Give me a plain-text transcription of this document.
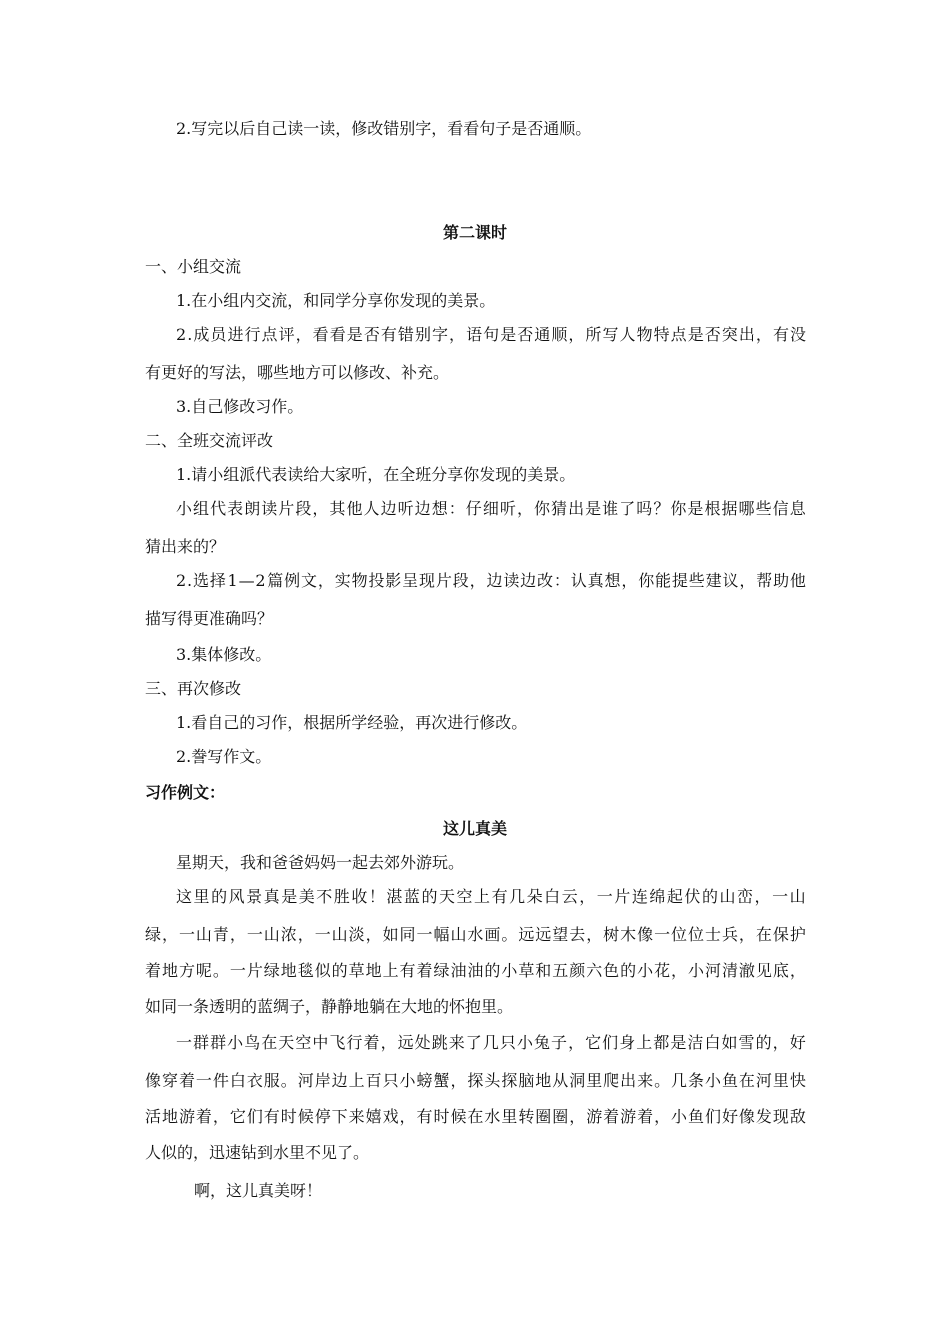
2.写完以后自己读一读，修改错别字，看看句子是否通顺。
第二课时
一、小组交流
1.在小组内交流，和同学分享你发现的美景。
2 . 成 员 进 行 点 评 ， 看 看 是 否 有 错 别 字 ， 语 句 是 否 通 顺 ， 所 写 人 物 特 点 是 否 突 出 ， 有 没
有更好的写法，哪些地方可以修改、补充。
3.自己修改习作。
二、全班交流评改
1.请小组派代表读给大家听，在全班分享你发现的美景。
小 组 代 表 朗 读 片 段 ， 其 他 人 边 听 边 想 ： 仔 细 听 ， 你 猜 出 是 谁 了 吗 ？ 你 是 根 据 哪 些 信 息
猜出来的？
2 . 选 择 1 — 2 篇 例 文 ， 实 物 投 影 呈 现 片 段 ， 边 读 边 改 ： 认 真 想 ， 你 能 提 些 建 议 ， 帮 助 他
描写得更准确吗？
3.集体修改。
三、再次修改
1.看自己的习作，根据所学经验，再次进行修改。
2.誊写作文。
习作例文：
这儿真美
星期天，我和爸爸妈妈一起去郊外游玩。
这 里 的 风 景 真 是 美 不 胜 收 ！ 湛 蓝 的 天 空 上 有 几 朵 白 云 ， 一 片 连 绵 起 伏 的 山 峦 ， 一 山
绿 ， 一 山 青 ， 一 山 浓 ， 一 山 淡 ， 如 同 一 幅 山 水 画 。 远 远 望 去 ， 树 木 像 一 位 位 士 兵 ， 在 保 护
着 地 方 呢 。 一 片 绿 地 毯 似 的 草 地 上 有 着 绿 油 油 的 小 草 和 五 颜 六 色 的 小 花 ， 小 河 清 澈 见 底 ，
如同一条透明的蓝绸子，静静地躺在大地的怀抱里。
一 群 群 小 鸟 在 天 空 中 飞 行 着 ， 远 处 跳 来 了 几 只 小 兔 子 ， 它 们 身 上 都 是 洁 白 如 雪 的 ， 好
像 穿 着 一 件 白 衣 服 。 河 岸 边 上 百 只 小 螃 蟹 ， 探 头 探 脑 地 从 洞 里 爬 出 来 。 几 条 小 鱼 在 河 里 快
活 地 游 着 ， 它 们 有 时 候 停 下 来 嬉 戏 ， 有 时 候 在 水 里 转 圈 圈 ， 游 着 游 着 ， 小 鱼 们 好 像 发 现 敌
人似的，迅速钻到水里不见了。
啊，这儿真美呀！
